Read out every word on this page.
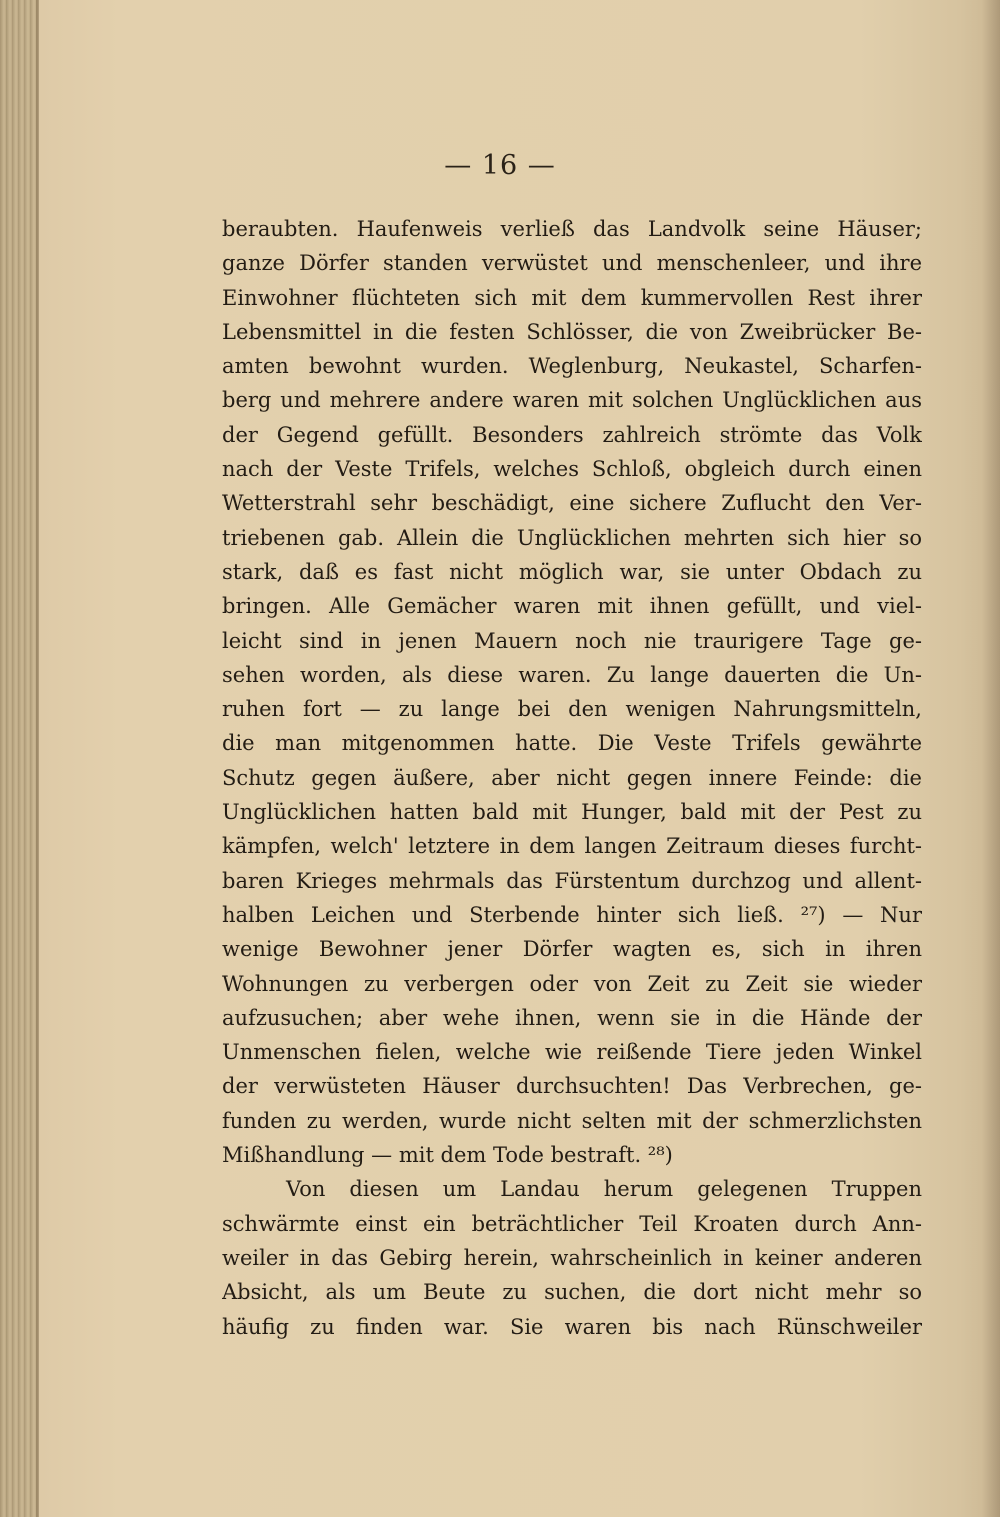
— 16 —
beraubten. Haufenweis verließ das Landvolk seine Häuser;
ganze Dörfer standen verwüstet und menschenleer, und ihre
Einwohner flüchteten sich mit dem kummervollen Rest ihrer
Lebensmittel in die festen Schlösser, die von Zweibrücker Be-
amten bewohnt wurden. Weglenburg, Neukastel, Scharfen-
berg und mehrere andere waren mit solchen Unglücklichen aus
der Gegend gefüllt. Besonders zahlreich strömte das Volk
nach der Veste Trifels, welches Schloß, obgleich durch einen
Wetterstrahl sehr beschädigt, eine sichere Zuflucht den Ver-
triebenen gab. Allein die Unglücklichen mehrten sich hier so
stark, daß es fast nicht möglich war, sie unter Obdach zu
bringen. Alle Gemächer waren mit ihnen gefüllt, und viel-
leicht sind in jenen Mauern noch nie traurigere Tage ge-
sehen worden, als diese waren. Zu lange dauerten die Un-
ruhen fort — zu lange bei den wenigen Nahrungsmitteln,
die man mitgenommen hatte. Die Veste Trifels gewährte
Schutz gegen äußere, aber nicht gegen innere Feinde: die
Unglücklichen hatten bald mit Hunger, bald mit der Pest zu
kämpfen, welch' letztere in dem langen Zeitraum dieses furcht-
baren Krieges mehrmals das Fürstentum durchzog und allent-
halben Leichen und Sterbende hinter sich ließ. ²⁷) — Nur
wenige Bewohner jener Dörfer wagten es, sich in ihren
Wohnungen zu verbergen oder von Zeit zu Zeit sie wieder
aufzusuchen; aber wehe ihnen, wenn sie in die Hände der
Unmenschen fielen, welche wie reißende Tiere jeden Winkel
der verwüsteten Häuser durchsuchten! Das Verbrechen, ge-
funden zu werden, wurde nicht selten mit der schmerzlichsten
Mißhandlung — mit dem Tode bestraft. ²⁸)
Von diesen um Landau herum gelegenen Truppen
schwärmte einst ein beträchtlicher Teil Kroaten durch Ann-
weiler in das Gebirg herein, wahrscheinlich in keiner anderen
Absicht, als um Beute zu suchen, die dort nicht mehr so
häufig zu finden war. Sie waren bis nach Rünschweiler
